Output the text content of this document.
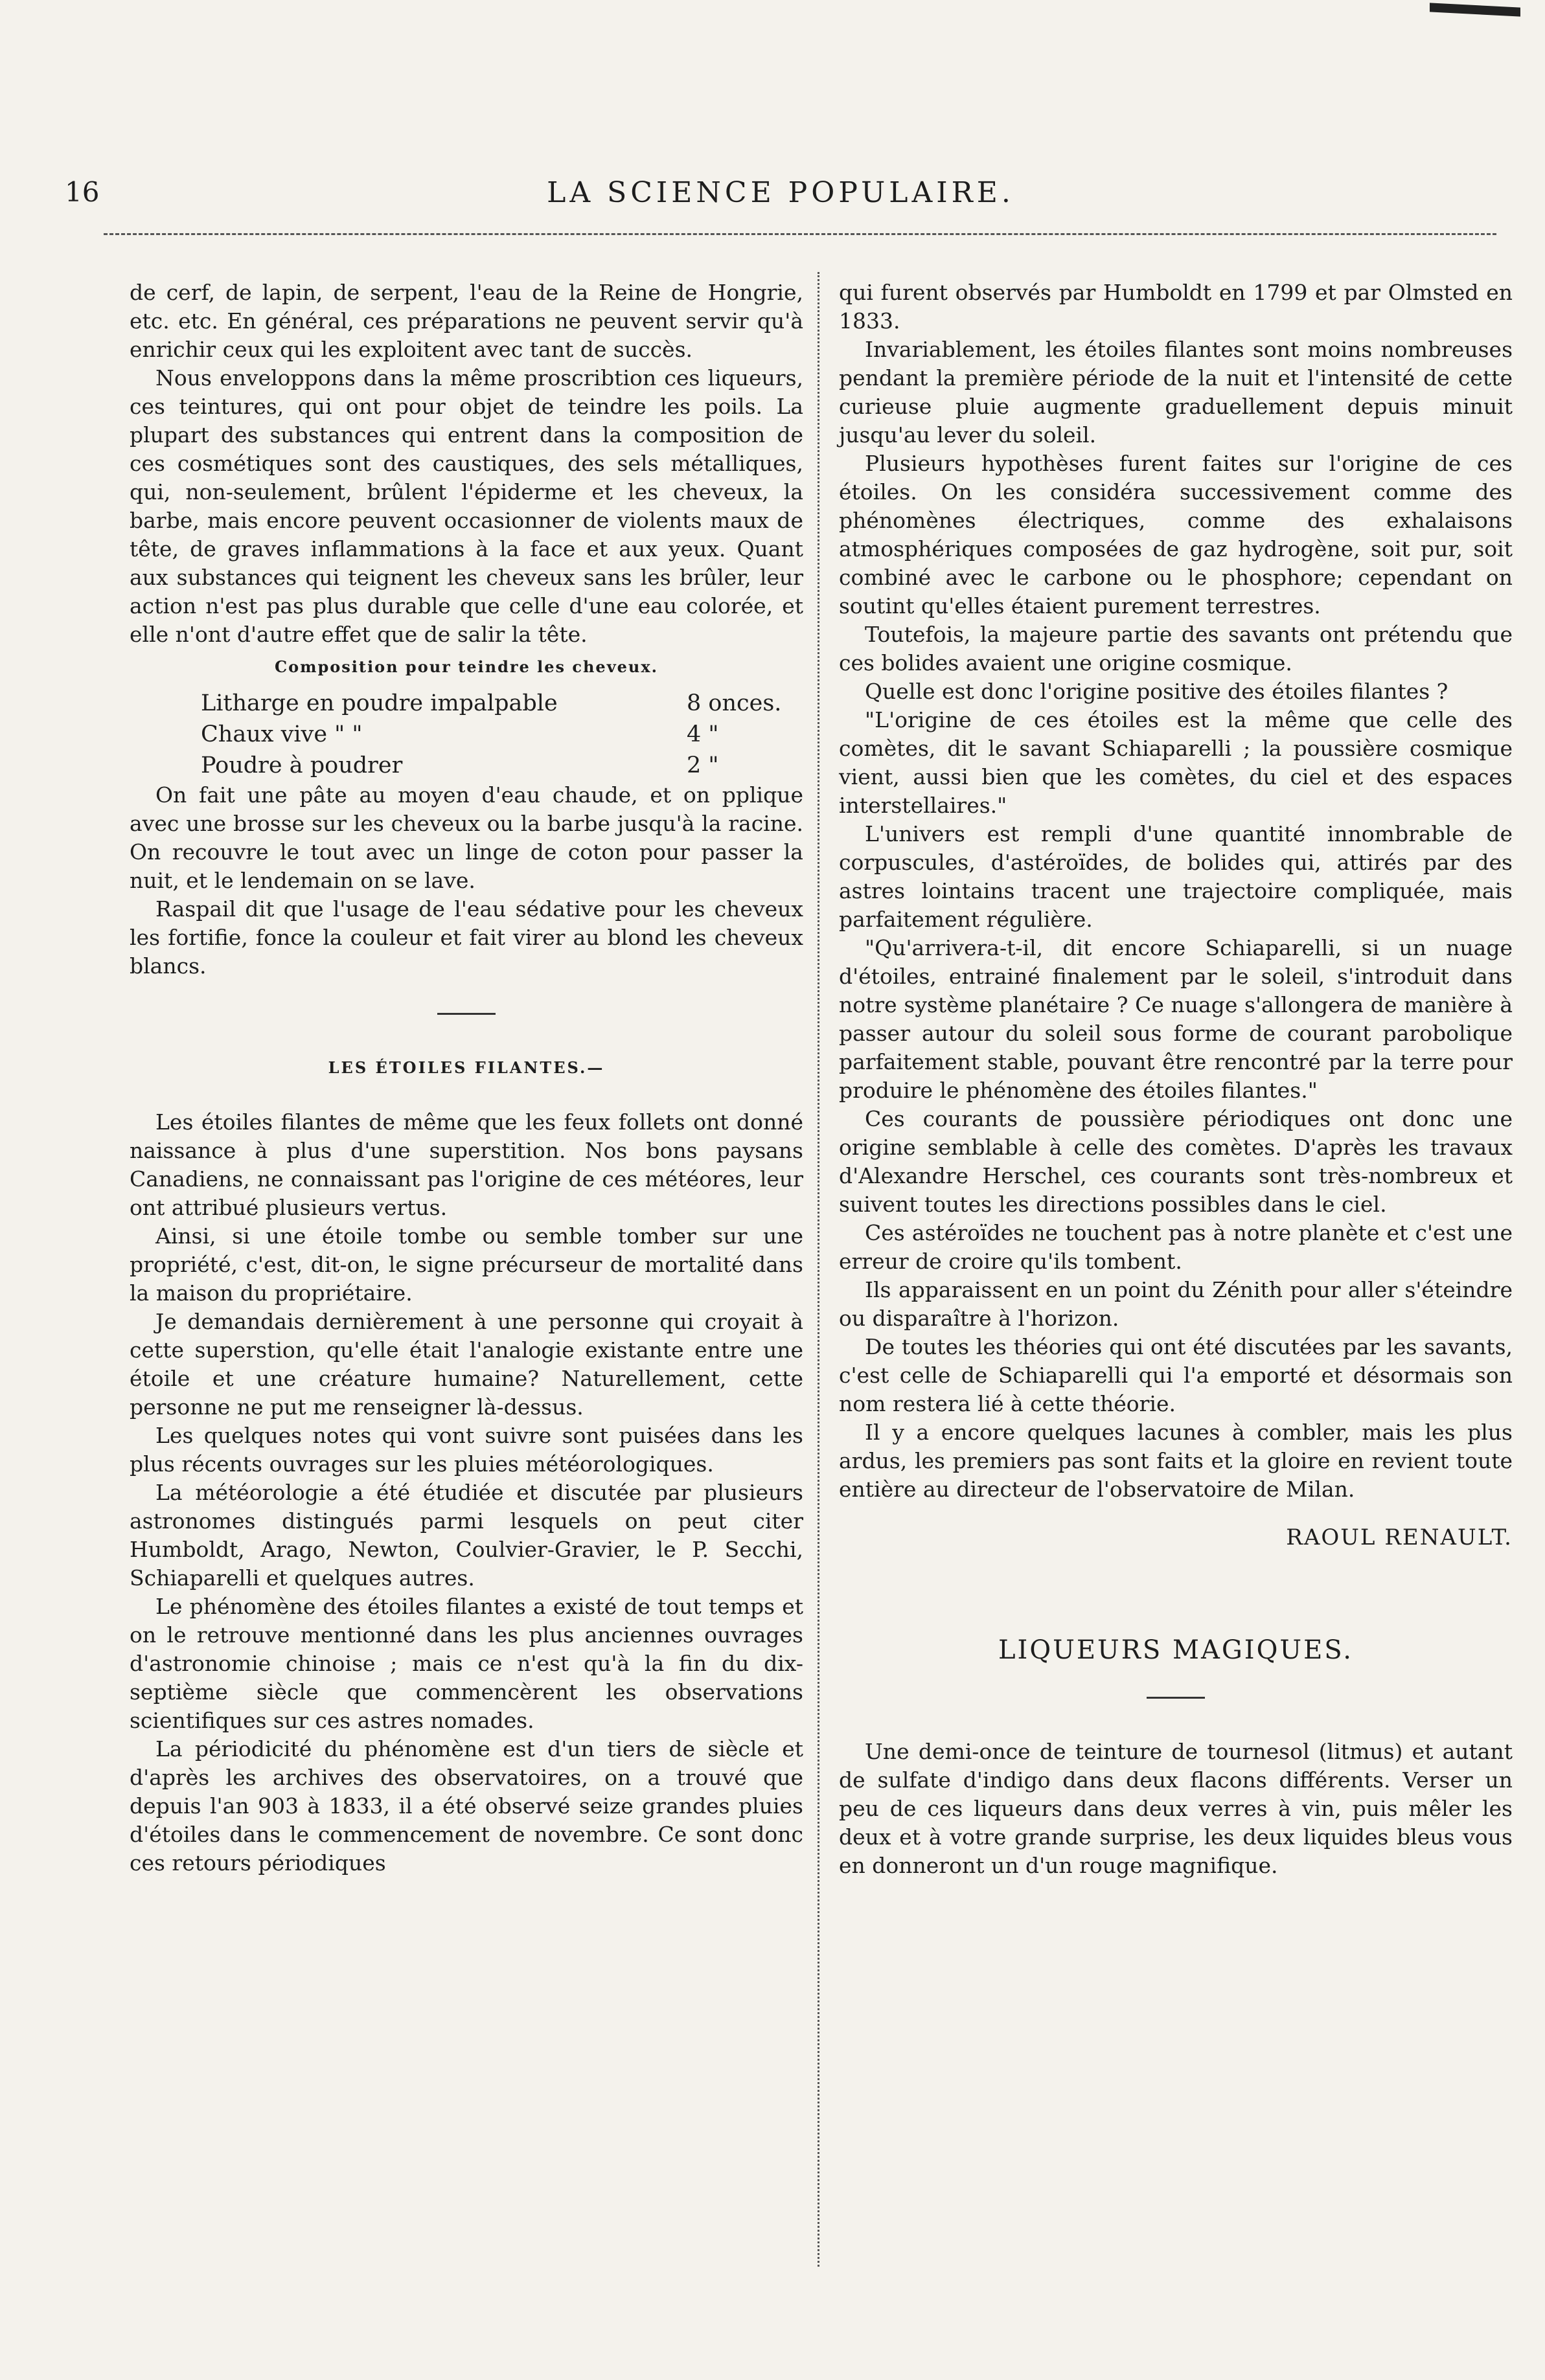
16	LA SCIENCE POPULAIRE.

de cerf, de lapin, de serpent, l'eau de la Reine de Hongrie, etc. etc. En général, ces préparations ne peuvent servir qu'à enrichir ceux qui les exploitent avec tant de succès.

Nous enveloppons dans la même proscribtion ces liqueurs, ces teintures, qui ont pour objet de teindre les poils. La plupart des substances qui entrent dans la composition de ces cosmétiques sont des caustiques, des sels métalliques, qui, non-seulement, brûlent l'épiderme et les cheveux, la barbe, mais encore peuvent occasionner de violents maux de tête, de graves inflammations à la face et aux yeux. Quant aux substances qui teignent les cheveux sans les brûler, leur action n'est pas plus durable que celle d'une eau colorée, et elle n'ont d'autre effet que de salir la tête.

Composition pour teindre les cheveux.
Litharge en poudre impalpable	8 onces.
Chaux vive " "	4 "
Poudre à poudrer	2 "

On fait une pâte au moyen d'eau chaude, et on pplique avec une brosse sur les cheveux ou la barbe jusqu'à la racine. On recouvre le tout avec un linge de coton pour passer la nuit, et le lendemain on se lave.

Raspail dit que l'usage de l'eau sédative pour les cheveux les fortifie, fonce la couleur et fait virer au blond les cheveux blancs.

LES ÉTOILES FILANTES.—

Les étoiles filantes de même que les feux follets ont donné naissance à plus d'une superstition. Nos bons paysans Canadiens, ne connaissant pas l'origine de ces météores, leur ont attribué plusieurs vertus.

Ainsi, si une étoile tombe ou semble tomber sur une propriété, c'est, dit-on, le signe précurseur de mortalité dans la maison du propriétaire.

Je demandais dernièrement à une personne qui croyait à cette superstion, qu'elle était l'analogie existante entre une étoile et une créature humaine? Naturellement, cette personne ne put me renseigner là-dessus.

Les quelques notes qui vont suivre sont puisées dans les plus récents ouvrages sur les pluies météorologiques.

La météorologie a été étudiée et discutée par plusieurs astronomes distingués parmi lesquels on peut citer Humboldt, Arago, Newton, Coulvier-Gravier, le P. Secchi, Schiaparelli et quelques autres.

Le phénomène des étoiles filantes a existé de tout temps et on le retrouve mentionné dans les plus anciennes ouvrages d'astronomie chinoise ; mais ce n'est qu'à la fin du dix-septième siècle que commencèrent les observations scientifiques sur ces astres nomades.

La périodicité du phénomène est d'un tiers de siècle et d'après les archives des observatoires, on a trouvé que depuis l'an 903 à 1833, il a été observé seize grandes pluies d'étoiles dans le commencement de novembre. Ce sont donc ces retours périodiques

qui furent observés par Humboldt en 1799 et par Olmsted en 1833.

Invariablement, les étoiles filantes sont moins nombreuses pendant la première période de la nuit et l'intensité de cette curieuse pluie augmente graduellement depuis minuit jusqu'au lever du soleil.

Plusieurs hypothèses furent faites sur l'origine de ces étoiles. On les considéra successivement comme des phénomènes électriques, comme des exhalaisons atmosphériques composées de gaz hydrogène, soit pur, soit combiné avec le carbone ou le phosphore; cependant on soutint qu'elles étaient purement terrestres.

Toutefois, la majeure partie des savants ont prétendu que ces bolides avaient une origine cosmique.

Quelle est donc l'origine positive des étoiles filantes ?

"L'origine de ces étoiles est la même que celle des comètes, dit le savant Schiaparelli ; la poussière cosmique vient, aussi bien que les comètes, du ciel et des espaces interstellaires."

L'univers est rempli d'une quantité innombrable de corpuscules, d'astéroïdes, de bolides qui, attirés par des astres lointains tracent une trajectoire compliquée, mais parfaitement régulière.

"Qu'arrivera-t-il, dit encore Schiaparelli, si un nuage d'étoiles, entrainé finalement par le soleil, s'introduit dans notre système planétaire ? Ce nuage s'allongera de manière à passer autour du soleil sous forme de courant parobolique parfaitement stable, pouvant être rencontré par la terre pour produire le phénomène des étoiles filantes."

Ces courants de poussière périodiques ont donc une origine semblable à celle des comètes. D'après les travaux d'Alexandre Herschel, ces courants sont très-nombreux et suivent toutes les directions possibles dans le ciel.

Ces astéroïdes ne touchent pas à notre planète et c'est une erreur de croire qu'ils tombent.

Ils apparaissent en un point du Zénith pour aller s'éteindre ou disparaître à l'horizon.

De toutes les théories qui ont été discutées par les savants, c'est celle de Schiaparelli qui l'a emporté et désormais son nom restera lié à cette théorie.

Il y a encore quelques lacunes à combler, mais les plus ardus, les premiers pas sont faits et la gloire en revient toute entière au directeur de l'observatoire de Milan.

RAOUL RENAULT.
LIQUEURS MAGIQUES.

Une demi-once de teinture de tournesol (litmus) et autant de sulfate d'indigo dans deux flacons différents. Verser un peu de ces liqueurs dans deux verres à vin, puis mêler les deux et à votre grande surprise, les deux liquides bleus vous en donneront un d'un rouge magnifique.
